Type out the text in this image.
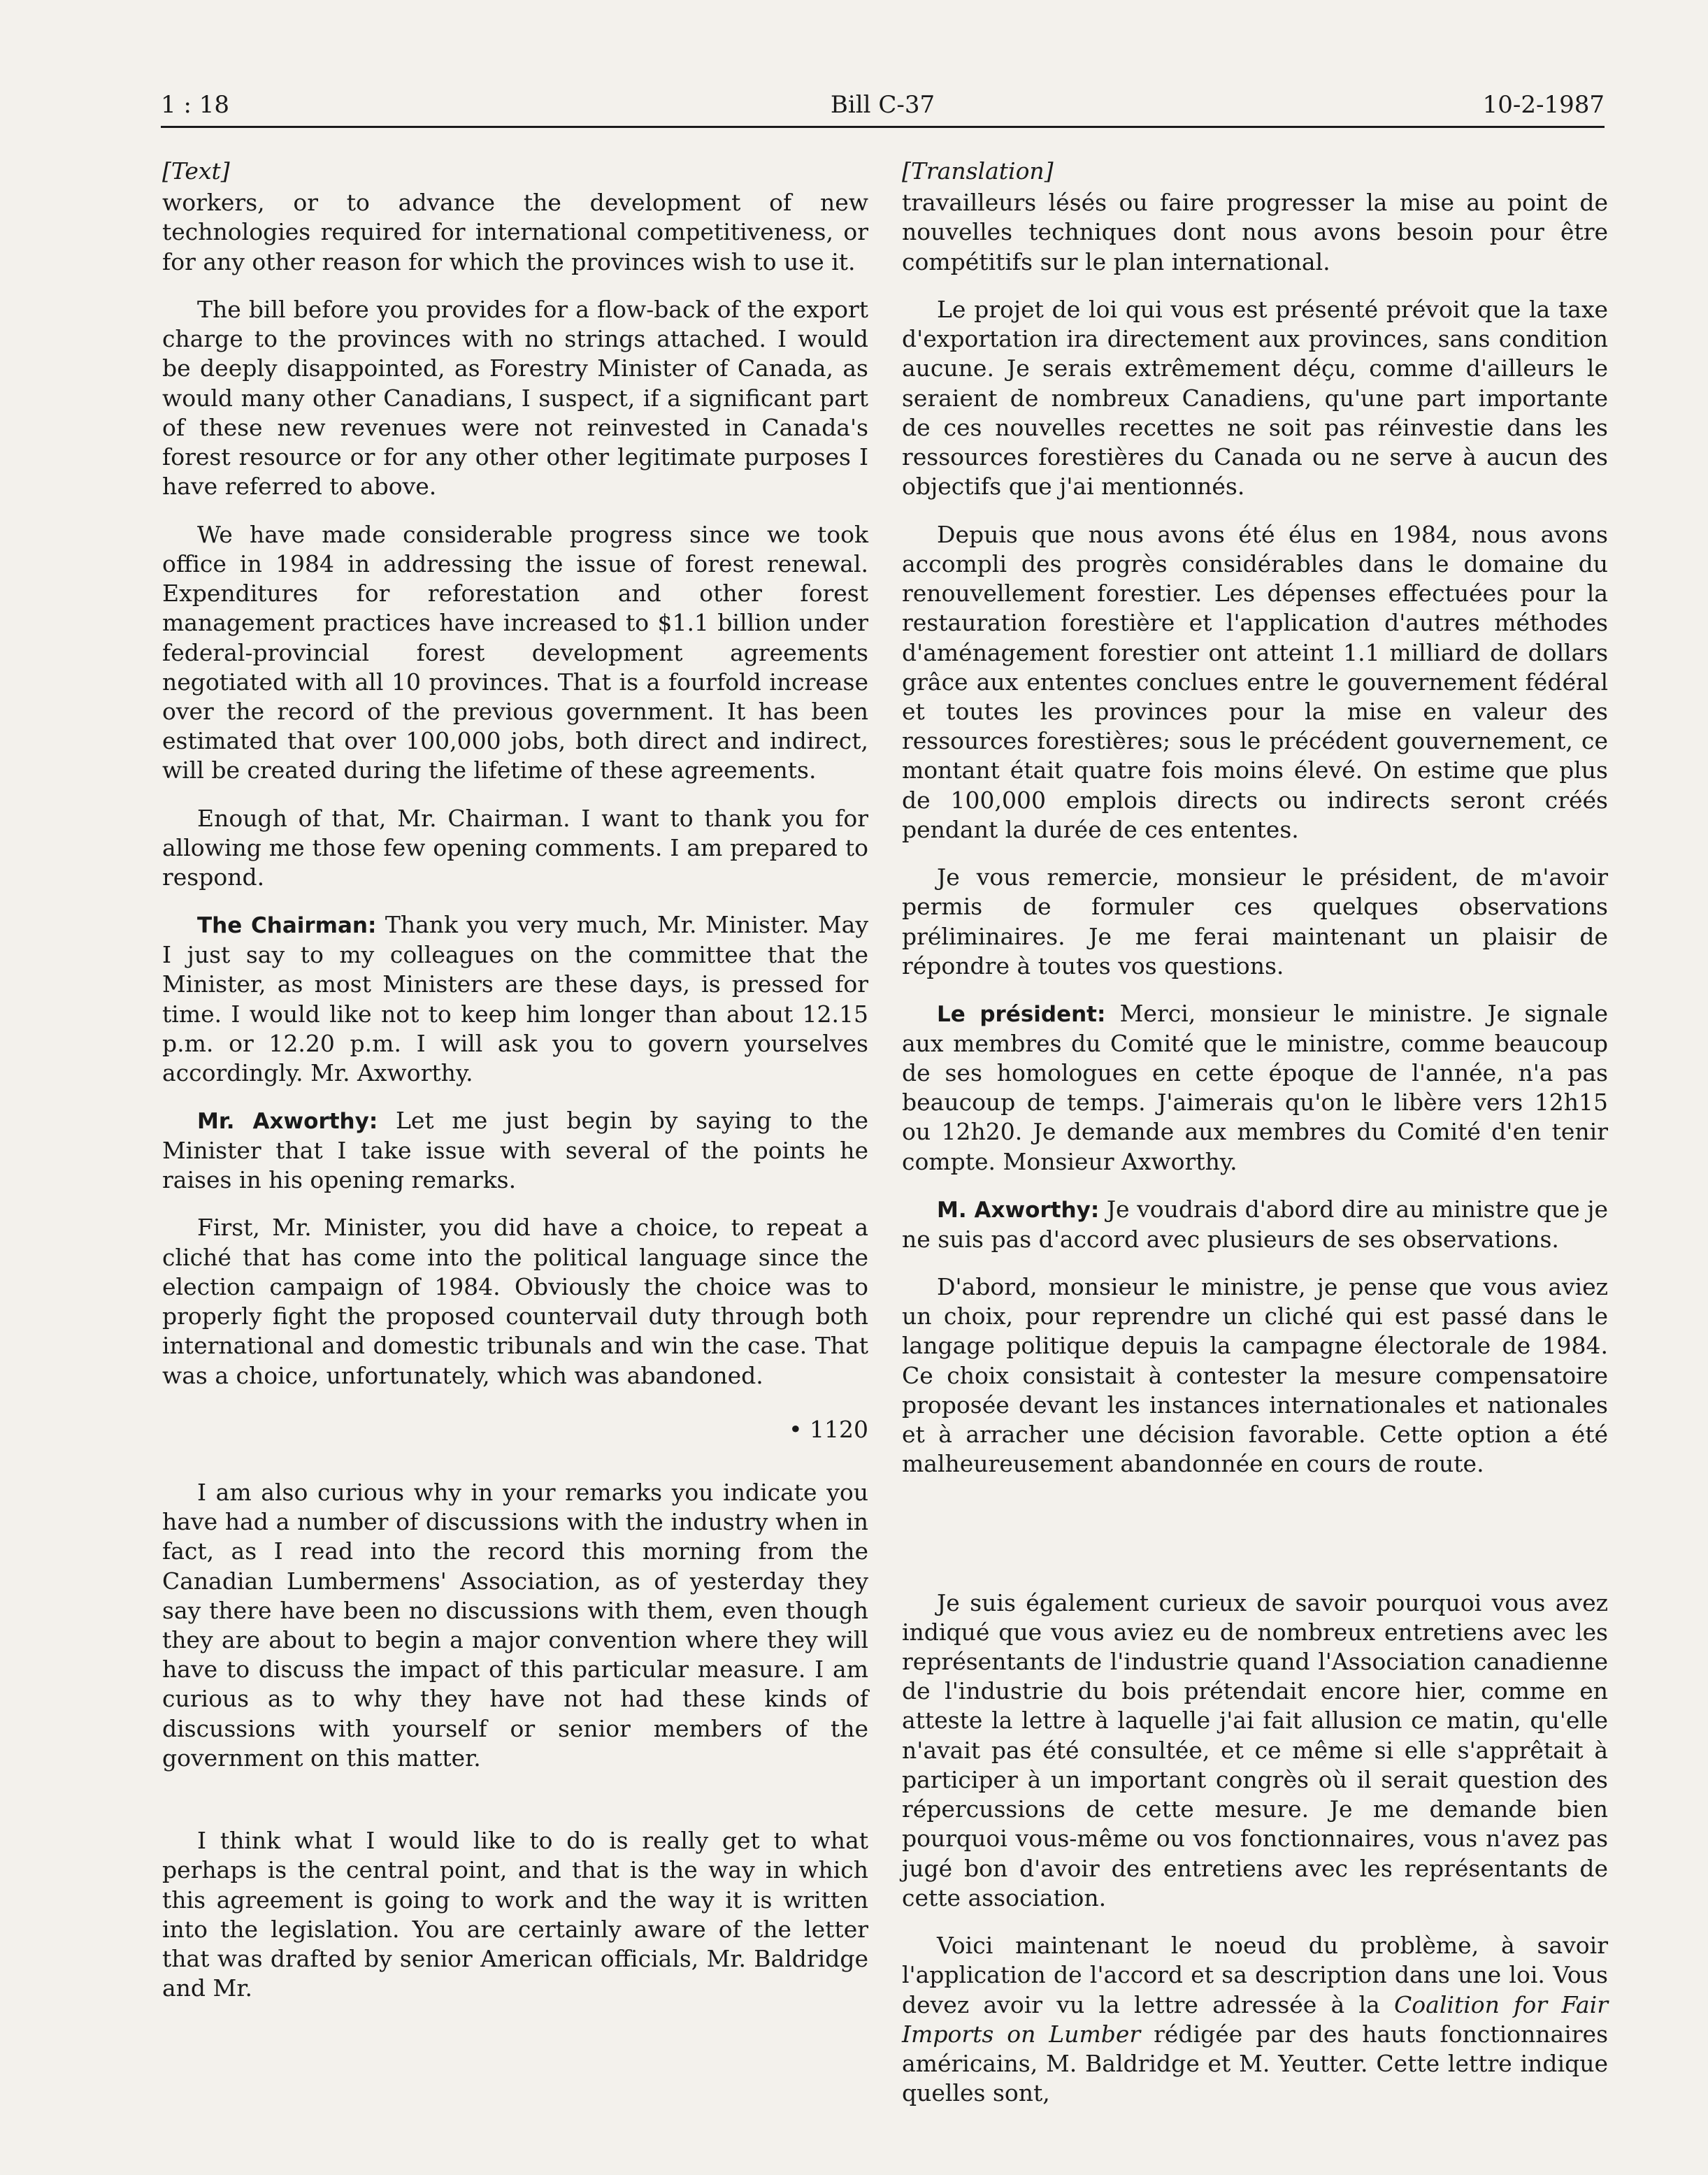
1 : 18	Bill C-37	10-2-1987
[Text]

workers, or to advance the development of new technologies required for international competitiveness, or for any other reason for which the provinces wish to use it.

The bill before you provides for a flow-back of the export charge to the provinces with no strings attached. I would be deeply disappointed, as Forestry Minister of Canada, as would many other Canadians, I suspect, if a significant part of these new revenues were not reinvested in Canada's forest resource or for any other other legitimate purposes I have referred to above.

We have made considerable progress since we took office in 1984 in addressing the issue of forest renewal. Expenditures for reforestation and other forest management practices have increased to $1.1 billion under federal-provincial forest development agreements negotiated with all 10 provinces. That is a fourfold increase over the record of the previous government. It has been estimated that over 100,000 jobs, both direct and indirect, will be created during the lifetime of these agreements.

Enough of that, Mr. Chairman. I want to thank you for allowing me those few opening comments. I am prepared to respond.

The Chairman: Thank you very much, Mr. Minister. May I just say to my colleagues on the committee that the Minister, as most Ministers are these days, is pressed for time. I would like not to keep him longer than about 12.15 p.m. or 12.20 p.m. I will ask you to govern yourselves accordingly. Mr. Axworthy.

Mr. Axworthy: Let me just begin by saying to the Minister that I take issue with several of the points he raises in his opening remarks.

First, Mr. Minister, you did have a choice, to repeat a cliché that has come into the political language since the election campaign of 1984. Obviously the choice was to properly fight the proposed countervail duty through both international and domestic tribunals and win the case. That was a choice, unfortunately, which was abandoned.

• 1120

I am also curious why in your remarks you indicate you have had a number of discussions with the industry when in fact, as I read into the record this morning from the Canadian Lumbermens' Association, as of yesterday they say there have been no discussions with them, even though they are about to begin a major convention where they will have to discuss the impact of this particular measure. I am curious as to why they have not had these kinds of discussions with yourself or senior members of the government on this matter.

I think what I would like to do is really get to what perhaps is the central point, and that is the way in which this agreement is going to work and the way it is written into the legislation. You are certainly aware of the letter that was drafted by senior American officials, Mr. Baldridge and Mr.

[Translation]

travailleurs lésés ou faire progresser la mise au point de nouvelles techniques dont nous avons besoin pour être compétitifs sur le plan international.

Le projet de loi qui vous est présenté prévoit que la taxe d'exportation ira directement aux provinces, sans condition aucune. Je serais extrêmement déçu, comme d'ailleurs le seraient de nombreux Canadiens, qu'une part importante de ces nouvelles recettes ne soit pas réinvestie dans les ressources forestières du Canada ou ne serve à aucun des objectifs que j'ai mentionnés.

Depuis que nous avons été élus en 1984, nous avons accompli des progrès considérables dans le domaine du renouvellement forestier. Les dépenses effectuées pour la restauration forestière et l'application d'autres méthodes d'aménagement forestier ont atteint 1.1 milliard de dollars grâce aux ententes conclues entre le gouvernement fédéral et toutes les provinces pour la mise en valeur des ressources forestières; sous le précédent gouvernement, ce montant était quatre fois moins élevé. On estime que plus de 100,000 emplois directs ou indirects seront créés pendant la durée de ces ententes.

Je vous remercie, monsieur le président, de m'avoir permis de formuler ces quelques observations préliminaires. Je me ferai maintenant un plaisir de répondre à toutes vos questions.

Le président: Merci, monsieur le ministre. Je signale aux membres du Comité que le ministre, comme beaucoup de ses homologues en cette époque de l'année, n'a pas beaucoup de temps. J'aimerais qu'on le libère vers 12h15 ou 12h20. Je demande aux membres du Comité d'en tenir compte. Monsieur Axworthy.

M. Axworthy: Je voudrais d'abord dire au ministre que je ne suis pas d'accord avec plusieurs de ses observations.

D'abord, monsieur le ministre, je pense que vous aviez un choix, pour reprendre un cliché qui est passé dans le langage politique depuis la campagne électorale de 1984. Ce choix consistait à contester la mesure compensatoire proposée devant les instances internationales et nationales et à arracher une décision favorable. Cette option a été malheureusement abandonnée en cours de route.

Je suis également curieux de savoir pourquoi vous avez indiqué que vous aviez eu de nombreux entretiens avec les représentants de l'industrie quand l'Association canadienne de l'industrie du bois prétendait encore hier, comme en atteste la lettre à laquelle j'ai fait allusion ce matin, qu'elle n'avait pas été consultée, et ce même si elle s'apprêtait à participer à un important congrès où il serait question des répercussions de cette mesure. Je me demande bien pourquoi vous-même ou vos fonctionnaires, vous n'avez pas jugé bon d'avoir des entretiens avec les représentants de cette association.

Voici maintenant le noeud du problème, à savoir l'application de l'accord et sa description dans une loi. Vous devez avoir vu la lettre adressée à la Coalition for Fair Imports on Lumber rédigée par des hauts fonctionnaires américains, M. Baldridge et M. Yeutter. Cette lettre indique quelles sont,
